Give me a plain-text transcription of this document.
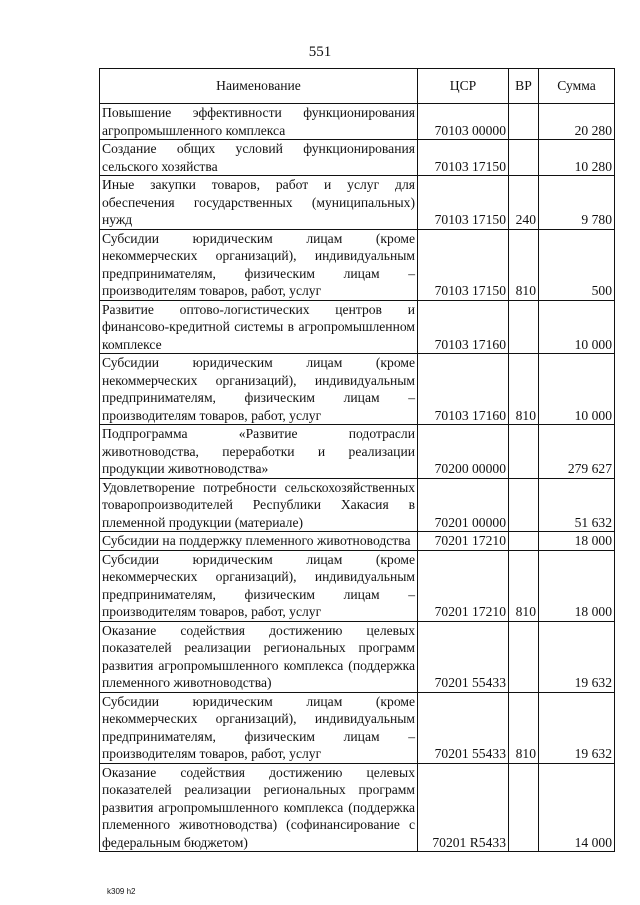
551
Наименование	ЦСР	ВР	Сумма
Повышение эффективности функционирования агропромышленного комплекса	70103 00000		20 280
Создание общих условий функционирования сельского хозяйства	70103 17150		10 280
Иные закупки товаров, работ и услуг для обеспечения государственных (муниципальных) нужд	70103 17150	240	9 780
Субсидии юридическим лицам (кроме некоммерческих организаций), индивидуальным предпринимателям, физическим лицам – производителям товаров, работ, услуг	70103 17150	810	500
Развитие оптово-логистических центров и финансово-кредитной системы в агропромышленном комплексе	70103 17160		10 000
Субсидии юридическим лицам (кроме некоммерческих организаций), индивидуальным предпринимателям, физическим лицам – производителям товаров, работ, услуг	70103 17160	810	10 000
Подпрограмма «Развитие подотрасли животноводства, переработки и реализации продукции животноводства»	70200 00000		279 627
Удовлетворение потребности сельскохозяйственных товаропроизводителей Республики Хакасия в племенной продукции (материале)	70201 00000		51 632
Субсидии на поддержку племенного животноводства	70201 17210		18 000
Субсидии юридическим лицам (кроме некоммерческих организаций), индивидуальным предпринимателям, физическим лицам – производителям товаров, работ, услуг	70201 17210	810	18 000
Оказание содействия достижению целевых показателей реализации региональных программ развития агропромышленного комплекса (поддержка племенного животноводства)	70201 55433		19 632
Субсидии юридическим лицам (кроме некоммерческих организаций), индивидуальным предпринимателям, физическим лицам – производителям товаров, работ, услуг	70201 55433	810	19 632
Оказание содействия достижению целевых показателей реализации региональных программ развития агропромышленного комплекса (поддержка племенного животноводства) (софинансирование с федеральным бюджетом)	70201 R5433		14 000
k309 h2
